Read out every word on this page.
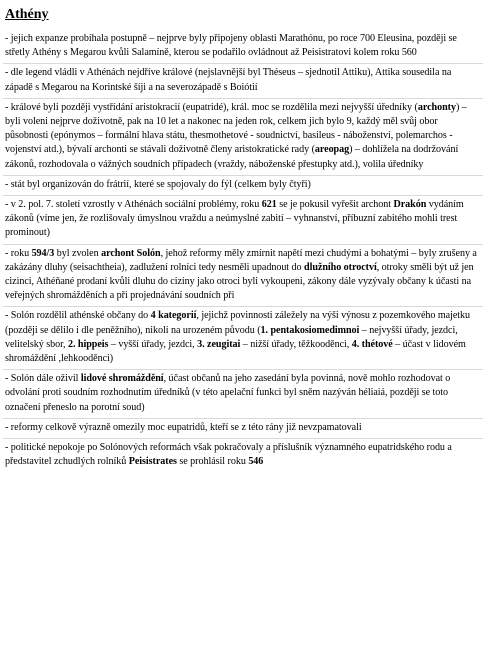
Athény

- jejich expanze probíhala postupně – nejprve byly připojeny oblasti Marathónu, po roce 700 Eleusina, později se střetly Athény s Megarou kvůli Salamíně, kterou se podařilo ovládnout až Peisistratovi kolem roku 560

- dle legend vládli v Athénách nejdříve králové (nejslavnější byl Théseus – sjednotil Attiku), Attika sousedila na západě s Megarou na Korintské šíji a na severozápadě s Boiótií

- králové byli později vystřídání aristokracií (eupatridé), král. moc se rozdělila mezi nejvyšší úředníky (archonty) – byli voleni nejprve doživotně, pak na 10 let a nakonec na jeden rok, celkem jich bylo 9, každý měl svůj obor působnosti (epónymos – formální hlava státu, thesmothetové - soudnictví, basileus - náboženství, polemarchos - vojenství atd.), bývalí archonti se stávali doživotně členy aristokratické rady (areopag) – dohlížela na dodržování zákonů, rozhodovala o vážných soudních případech (vraždy, náboženské přestupky atd.), volila úředníky

- stát byl organizován do frátrií, které se spojovaly do fýl (celkem byly čtyři)

- v 2. pol. 7. století vzrostly v Athénách sociální problémy, roku 621 se je pokusil vyřešit archont Drakón vydáním zákonů (víme jen, že rozlišovaly úmyslnou vraždu a neúmyslné zabití – vyhnanství, příbuzní zabitého mohli trest prominout)

- roku 594/3 byl zvolen archont Solón, jehož reformy měly zmírnit napětí mezi chudými a bohatými – byly zrušeny a zakázány dluhy (seisachtheia), zadlužení rolníci tedy nesměli upadnout do dlužního otroctví, otroky směli být už jen cizinci, Athéňané prodaní kvůli dluhu do ciziny jako otroci byli vykoupeni, zákony dále vyzývaly občany k účasti na veřejných shromážděních a při projednávání soudních při

- Solón rozdělil athénské občany do 4 kategorií, jejichž povinnosti záležely na výši výnosu z pozemkového majetku (později se dělilo i dle peněžního), nikoli na urozeném původu (1. pentakosiomedimnoi – nejvyšší úřady, jezdci, velitelský sbor, 2. hippeis – vyšší úřady, jezdci, 3. zeugitai – nižší úřady, těžkooděnci, 4. thétové – účast v lidovém shromáždění ,lehkooděnci)

- Solón dále oživil lidové shromáždění, účast občanů na jeho zasedání byla povinná, nově mohlo rozhodovat o odvolání proti soudním rozhodnutím úředníků (v této apelační funkci byl sněm nazýván héliaiá, později se toto označení přeneslo na porotní soud)

- reformy celkově výrazně omezily moc eupatridů, kteří se z této rány již nevzpamatovali

- politické nepokoje po Solónových reformách však pokračovaly a příslušník významného eupatridského rodu a představitel zchudlých rolníků Peisistrates se prohlásil roku 546
